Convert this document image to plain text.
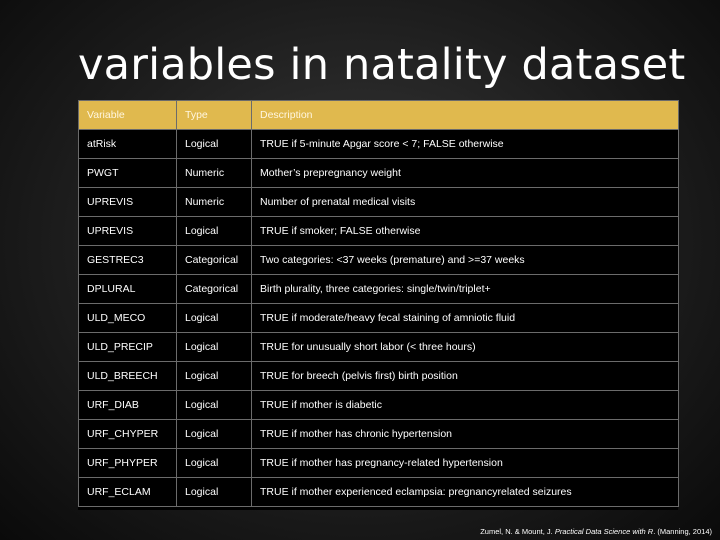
variables in natality dataset
Variable	Type	Description
atRisk	Logical	TRUE if 5-minute Apgar score < 7; FALSE otherwise
PWGT	Numeric	Mother’s prepregnancy weight
UPREVIS	Numeric	Number of prenatal medical visits
UPREVIS	Logical	TRUE if smoker; FALSE otherwise
GESTREC3	Categorical	Two categories: <37 weeks (premature) and >=37 weeks
DPLURAL	Categorical	Birth plurality, three categories: single/twin/triplet+
ULD_MECO	Logical	TRUE if moderate/heavy fecal staining of amniotic fluid
ULD_PRECIP	Logical	TRUE for unusually short labor (< three hours)
ULD_BREECH	Logical	TRUE for breech (pelvis first) birth position
URF_DIAB	Logical	TRUE if mother is diabetic
URF_CHYPER	Logical	TRUE if mother has chronic hypertension
URF_PHYPER	Logical	TRUE if mother has pregnancy-related hypertension
URF_ECLAM	Logical	TRUE if mother experienced eclampsia: pregnancyrelated seizures
Zumel, N. & Mount, J. Practical Data Science with R. (Manning, 2014)
